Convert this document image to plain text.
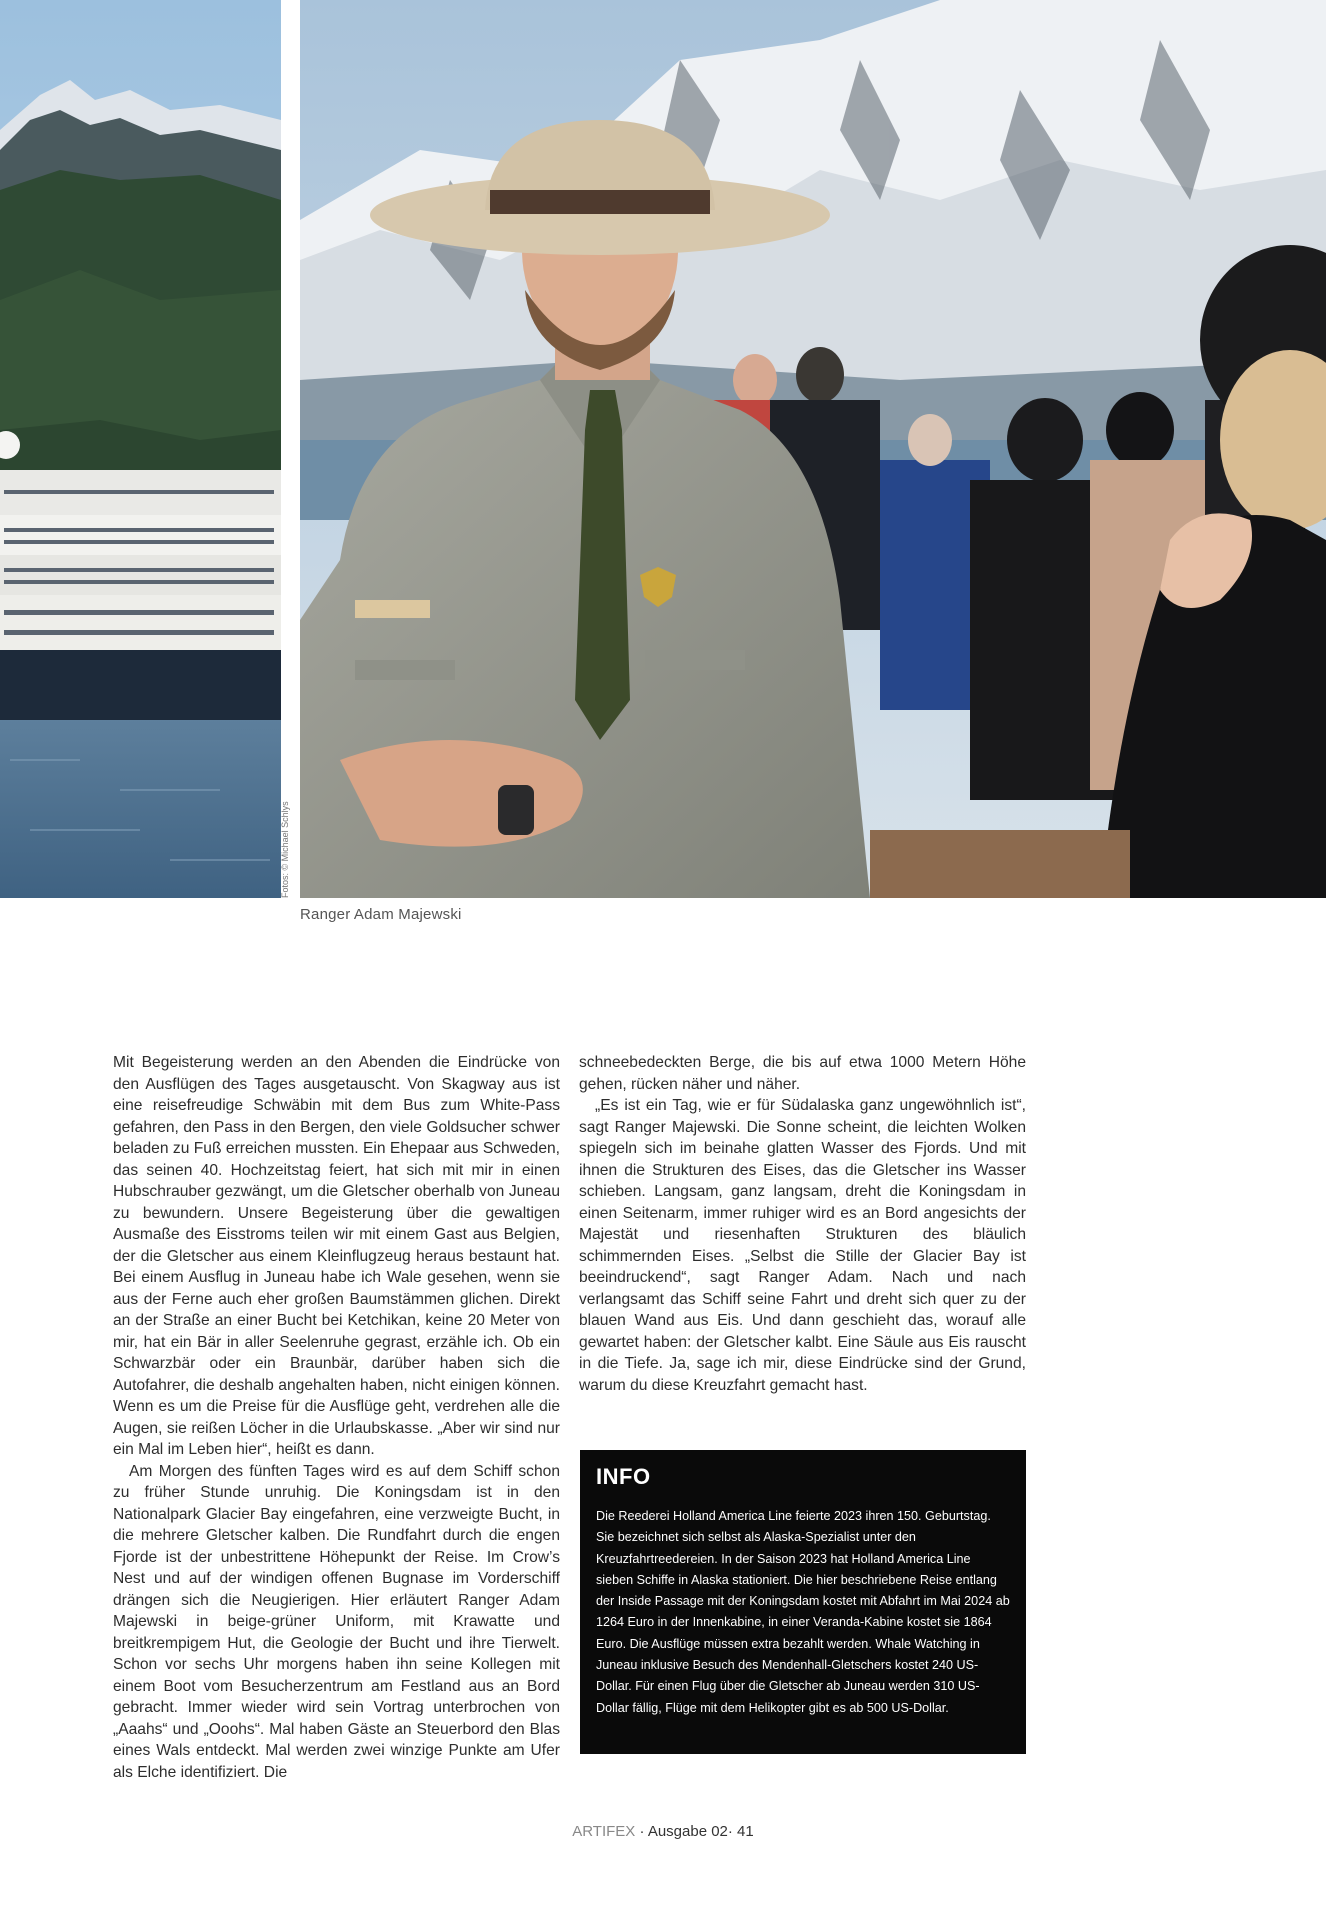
Fotos: © Michael Schlys
Ranger Adam Majewski

Mit Begeisterung werden an den Abenden die Eindrücke von den Ausflügen des Tages ausgetauscht. Von Skagway aus ist eine reisefreudige Schwäbin mit dem Bus zum White-Pass gefahren, den Pass in den Bergen, den viele Goldsucher schwer beladen zu Fuß erreichen mussten. Ein Ehepaar aus Schweden, das seinen 40. Hochzeitstag feiert, hat sich mit mir in einen Hubschrauber gezwängt, um die Gletscher oberhalb von Juneau zu bewundern. Unsere Begeisterung über die gewaltigen Ausmaße des Eisstroms teilen wir mit einem Gast aus Belgien, der die Gletscher aus einem Kleinflugzeug heraus bestaunt hat. Bei einem Ausflug in Juneau habe ich Wale gesehen, wenn sie aus der Ferne auch eher großen Baumstämmen glichen. Direkt an der Straße an einer Bucht bei Ketchikan, keine 20 Meter von mir, hat ein Bär in aller Seelenruhe gegrast, erzähle ich. Ob ein Schwarzbär oder ein Braunbär, darüber haben sich die Autofahrer, die deshalb angehalten haben, nicht einigen können. Wenn es um die Preise für die Ausflüge geht, verdrehen alle die Augen, sie reißen Löcher in die Urlaubskasse. „Aber wir sind nur ein Mal im Leben hier“, heißt es dann.

Am Morgen des fünften Tages wird es auf dem Schiff schon zu früher Stunde unruhig. Die Koningsdam ist in den Nationalpark Glacier Bay eingefahren, eine verzweigte Bucht, in die mehrere Gletscher kalben. Die Rundfahrt durch die engen Fjorde ist der unbestrittene Höhepunkt der Reise. Im Crow’s Nest und auf der windigen offenen Bugnase im Vorderschiff drängen sich die Neugierigen. Hier erläutert Ranger Adam Majewski in beige-grüner Uniform, mit Krawatte und breitkrempigem Hut, die Geologie der Bucht und ihre Tierwelt. Schon vor sechs Uhr morgens haben ihn seine Kollegen mit einem Boot vom Besucherzentrum am Festland aus an Bord gebracht. Immer wieder wird sein Vortrag unterbrochen von „Aaahs“ und „Ooohs“. Mal haben Gäste an Steuerbord den Blas eines Wals entdeckt. Mal werden zwei winzige Punkte am Ufer als Elche identifiziert. Die

schneebedeckten Berge, die bis auf etwa 1000 Metern Höhe gehen, rücken näher und näher.

„Es ist ein Tag, wie er für Südalaska ganz ungewöhnlich ist“, sagt Ranger Majewski. Die Sonne scheint, die leichten Wolken spiegeln sich im beinahe glatten Wasser des Fjords. Und mit ihnen die Strukturen des Eises, das die Gletscher ins Wasser schieben. Langsam, ganz langsam, dreht die Koningsdam in einen Seitenarm, immer ruhiger wird es an Bord angesichts der Majestät und riesenhaften Strukturen des bläulich schimmernden Eises. „Selbst die Stille der Glacier Bay ist beeindruckend“, sagt Ranger Adam. Nach und nach verlangsamt das Schiff seine Fahrt und dreht sich quer zu der blauen Wand aus Eis. Und dann geschieht das, worauf alle gewartet haben: der Gletscher kalbt. Eine Säule aus Eis rauscht in die Tiefe. Ja, sage ich mir, diese Eindrücke sind der Grund, warum du diese Kreuzfahrt gemacht hast.

INFO

Die Reederei Holland America Line feierte 2023 ihren 150. Geburtstag. Sie bezeichnet sich selbst als Alaska-Spezialist unter den Kreuzfahrtreedereien. In der Saison 2023 hat Holland America Line sieben Schiffe in Alaska stationiert. Die hier beschriebene Reise entlang der Inside Passage mit der Koningsdam kostet mit Abfahrt im Mai 2024 ab 1264 Euro in der Innenkabine, in einer Veranda-Kabine kostet sie 1864 Euro. Die Ausflüge müssen extra bezahlt werden. Whale Watching in Juneau inklusive Besuch des Mendenhall-Gletschers kostet 240 US-Dollar. Für einen Flug über die Gletscher ab Juneau werden 310 US-Dollar fällig, Flüge mit dem Helikopter gibt es ab 500 US-Dollar.

ARTIFEX · Ausgabe 02· 41
